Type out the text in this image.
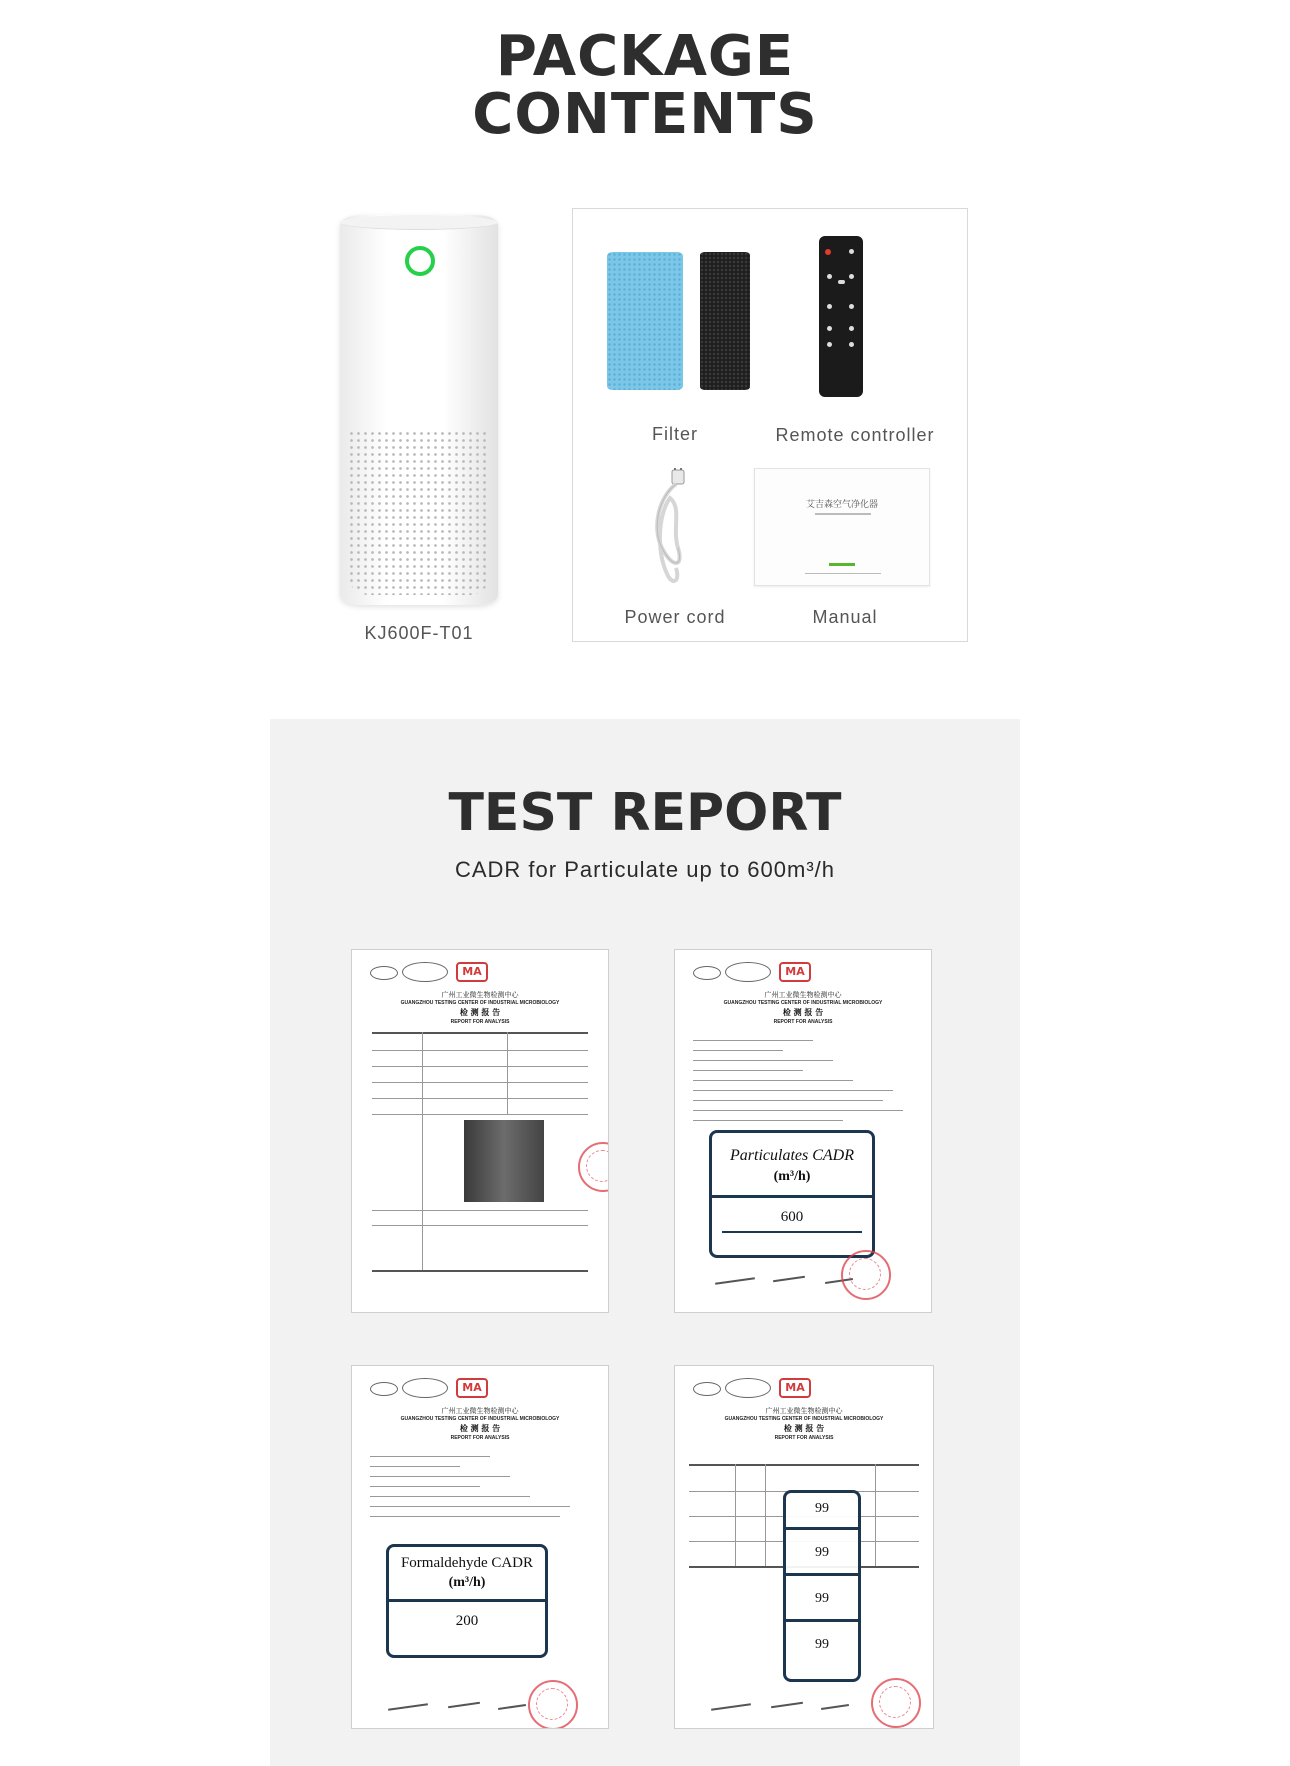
PACKAGE
CONTENTS
KJ600F-T01
Filter	Remote controller
艾吉森空气净化器
Power cord	Manual
TEST REPORT
CADR for Particulate up to 600m³/h
MA
广州工业微生物检测中心
GUANGZHOU TESTING CENTER OF INDUSTRIAL MICROBIOLOGY
检 测 报 告
REPORT FOR ANALYSIS
MA
广州工业微生物检测中心
GUANGZHOU TESTING CENTER OF INDUSTRIAL MICROBIOLOGY
检 测 报 告
REPORT FOR ANALYSIS
Particulates CADR
(m³/h)
600
MA
广州工业微生物检测中心
GUANGZHOU TESTING CENTER OF INDUSTRIAL MICROBIOLOGY
检 测 报 告
REPORT FOR ANALYSIS
Formaldehyde CADR
(m³/h)
200
MA
广州工业微生物检测中心
GUANGZHOU TESTING CENTER OF INDUSTRIAL MICROBIOLOGY
检 测 报 告
REPORT FOR ANALYSIS
99
99
99
99
